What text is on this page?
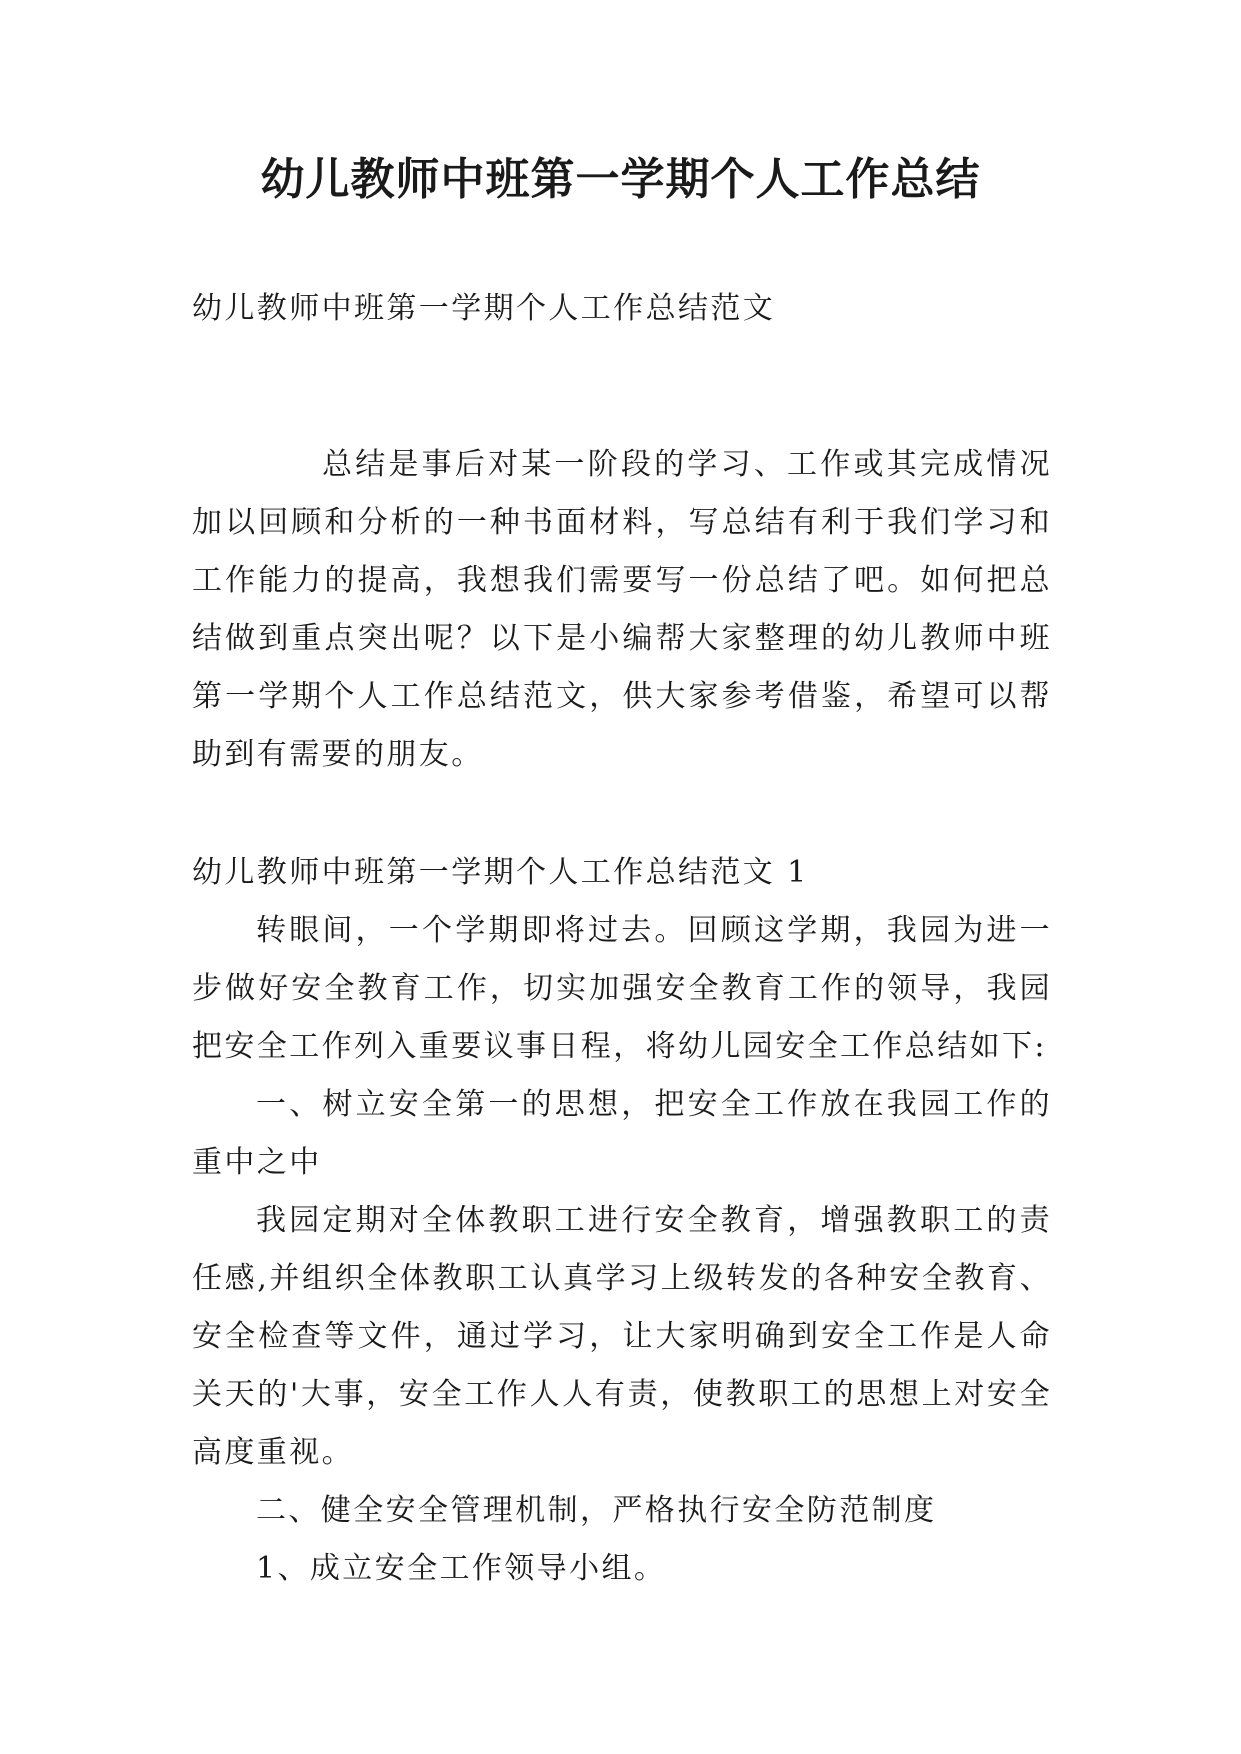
幼儿教师中班第一学期个人工作总结

幼儿教师中班第一学期个人工作总结范文

总结是事后对某一阶段的学习、工作或其完成情况加以回顾和分析的一种书面材料，写总结有利于我们学习和工作能力的提高，我想我们需要写一份总结了吧。如何把总结做到重点突出呢？以下是小编帮大家整理的幼儿教师中班第一学期个人工作总结范文，供大家参考借鉴，希望可以帮助到有需要的朋友。

幼儿教师中班第一学期个人工作总结范文 1

转眼间，一个学期即将过去。回顾这学期，我园为进一步做好安全教育工作，切实加强安全教育工作的领导，我园把安全工作列入重要议事日程，将幼儿园安全工作总结如下:

一、树立安全第一的思想，把安全工作放在我园工作的重中之中

我园定期对全体教职工进行安全教育，增强教职工的责任感,并组织全体教职工认真学习上级转发的各种安全教育、安全检查等文件，通过学习，让大家明确到安全工作是人命关天的'大事，安全工作人人有责，使教职工的思想上对安全高度重视。

二、健全安全管理机制，严格执行安全防范制度

1、成立安全工作领导小组。
